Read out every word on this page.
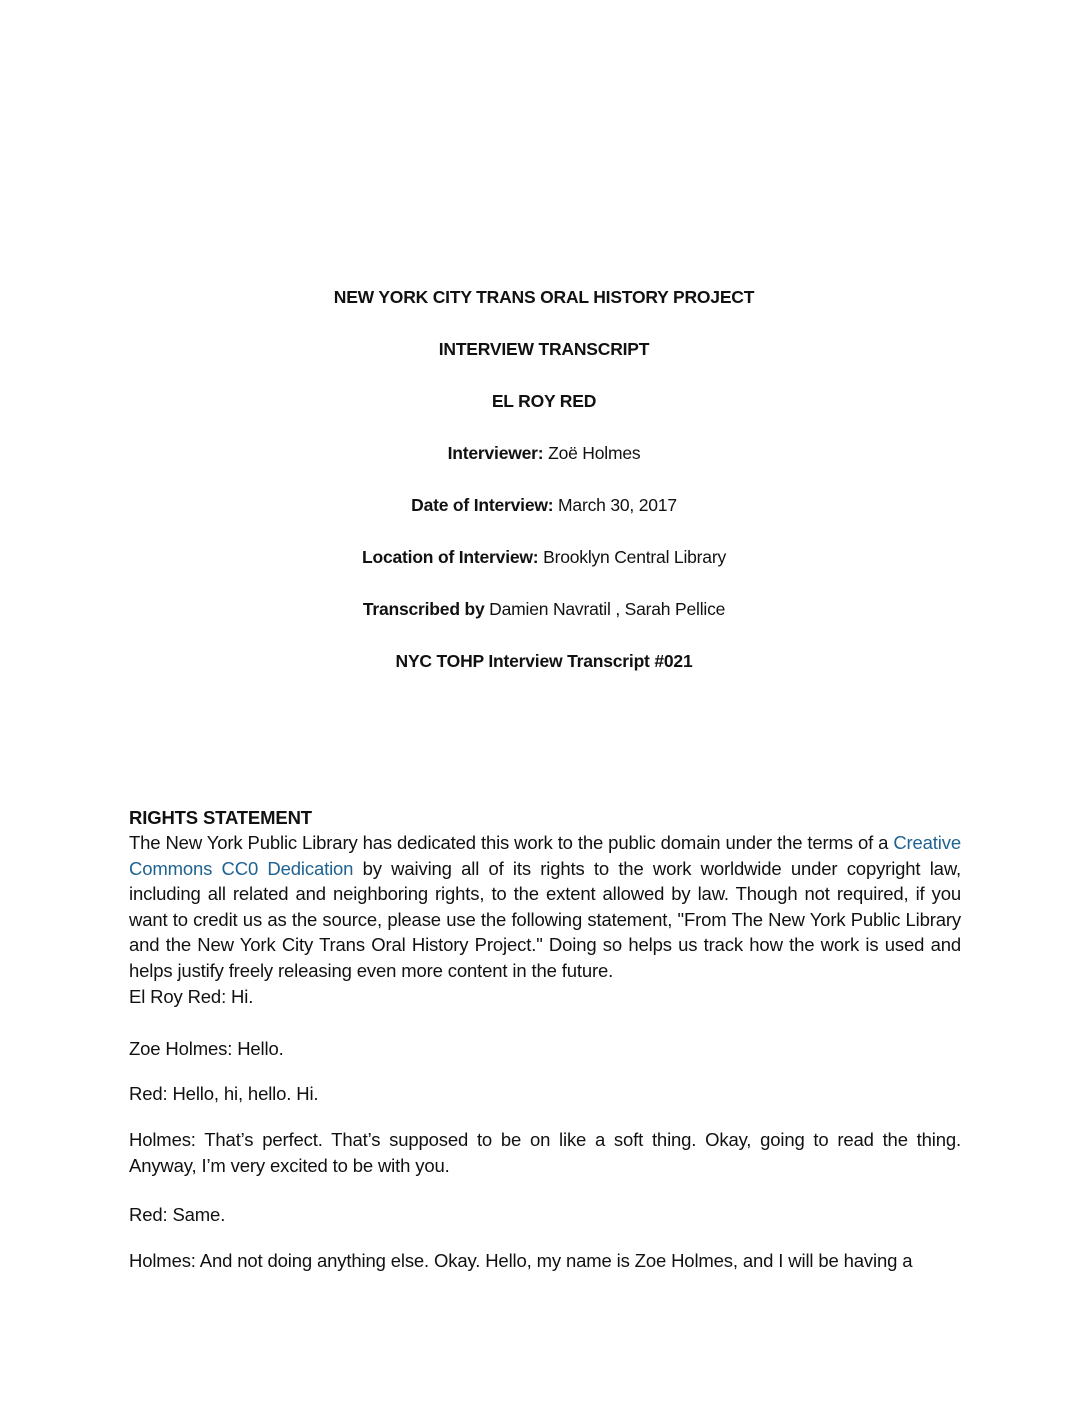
NEW YORK CITY TRANS ORAL HISTORY PROJECT
INTERVIEW TRANSCRIPT
EL ROY RED
Interviewer: Zoë Holmes
Date of Interview: March 30, 2017
Location of Interview: Brooklyn Central Library
Transcribed by Damien Navratil , Sarah Pellice
NYC TOHP Interview Transcript #021
RIGHTS STATEMENT
The New York Public Library has dedicated this work to the public domain under the terms of a Creative Commons CC0 Dedication by waiving all of its rights to the work worldwide under copyright law, including all related and neighboring rights, to the extent allowed by law. Though not required, if you want to credit us as the source, please use the following statement, "From The New York Public Library and the New York City Trans Oral History Project." Doing so helps us track how the work is used and helps justify freely releasing even more content in the future.
El Roy Red: Hi.
Zoe Holmes: Hello.
Red: Hello, hi, hello. Hi.
Holmes: That’s perfect. That’s supposed to be on like a soft thing. Okay, going to read the thing. Anyway, I’m very excited to be with you.
Red: Same.
Holmes: And not doing anything else. Okay. Hello, my name is Zoe Holmes, and I will be having a
